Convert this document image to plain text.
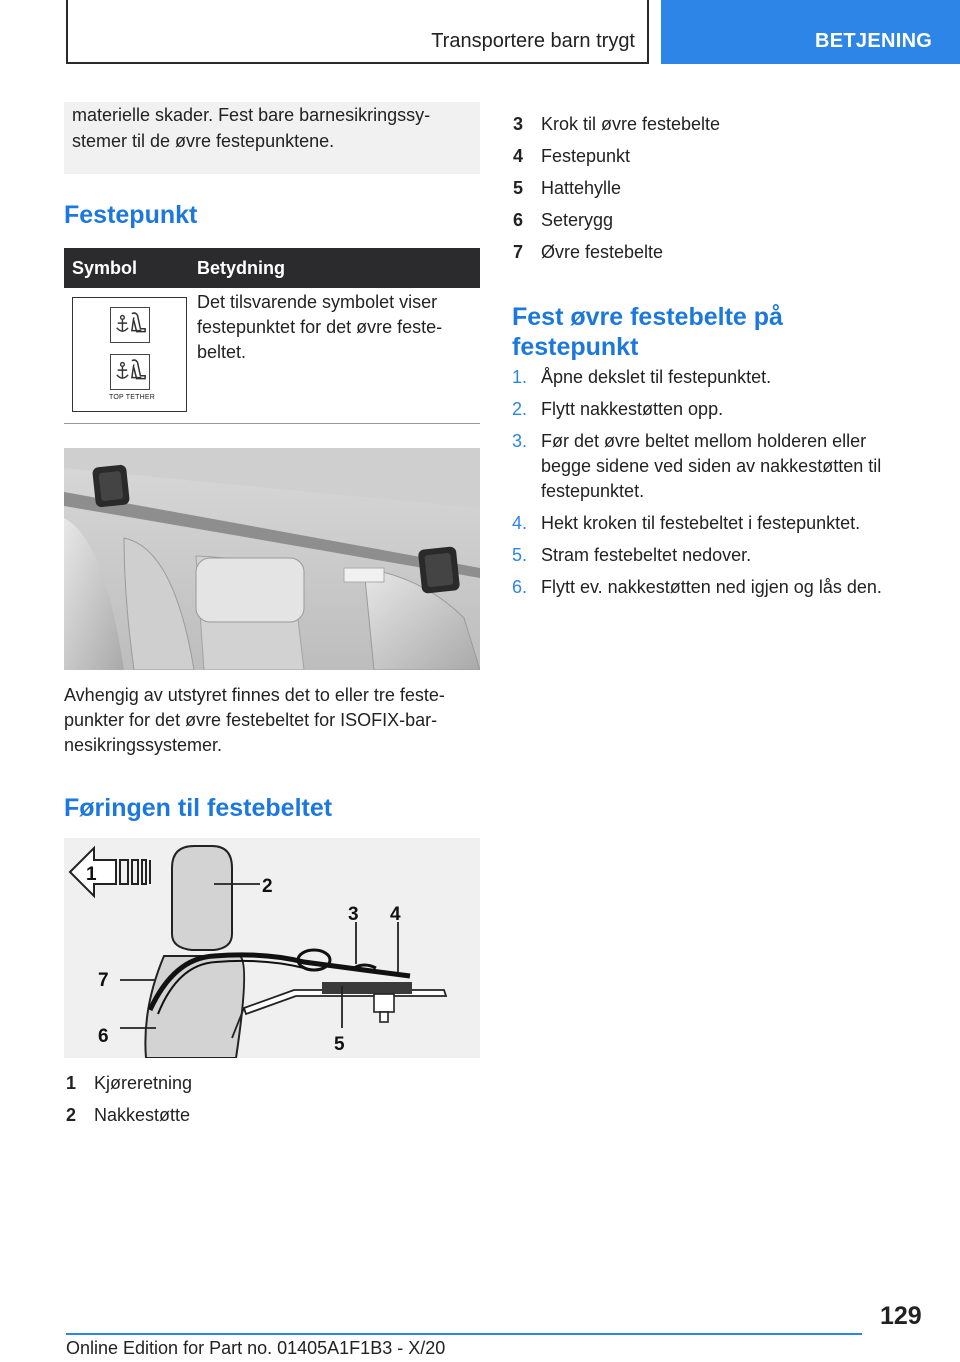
Transportere barn trygt	BETJENING

materielle skader. Fest bare barnesikringssy-

stemer til de øvre festepunktene.

Festepunkt
Symbol	Betydning
TOP TETHER
Det tilsvarende symbolet viser
festepunktet for det øvre feste-
beltet.
Avhengig av utstyret finnes det to eller tre feste-
punkter for det øvre festebeltet for ISOFIX-bar-
nesikringssystemer.
Føringen til festebeltet
1
2
3 4
5
6
7
1 Kjøreretning
2 Nakkestøtte
3 Krok til øvre festebelte
4 Festepunkt
5 Hattehylle
6 Seterygg
7 Øvre festebelte
Fest øvre festebelte på
festepunkt
1. Åpne dekslet til festepunktet.
2. Flytt nakkestøtten opp.
3. Før det øvre beltet mellom holderen eller
begge sidene ved siden av nakkestøtten til
festepunktet.
4. Hekt kroken til festebeltet i festepunktet.
5. Stram festebeltet nedover.
6. Flytt ev. nakkestøtten ned igjen og lås den.
129
Online Edition for Part no. 01405A1F1B3 - X/20
